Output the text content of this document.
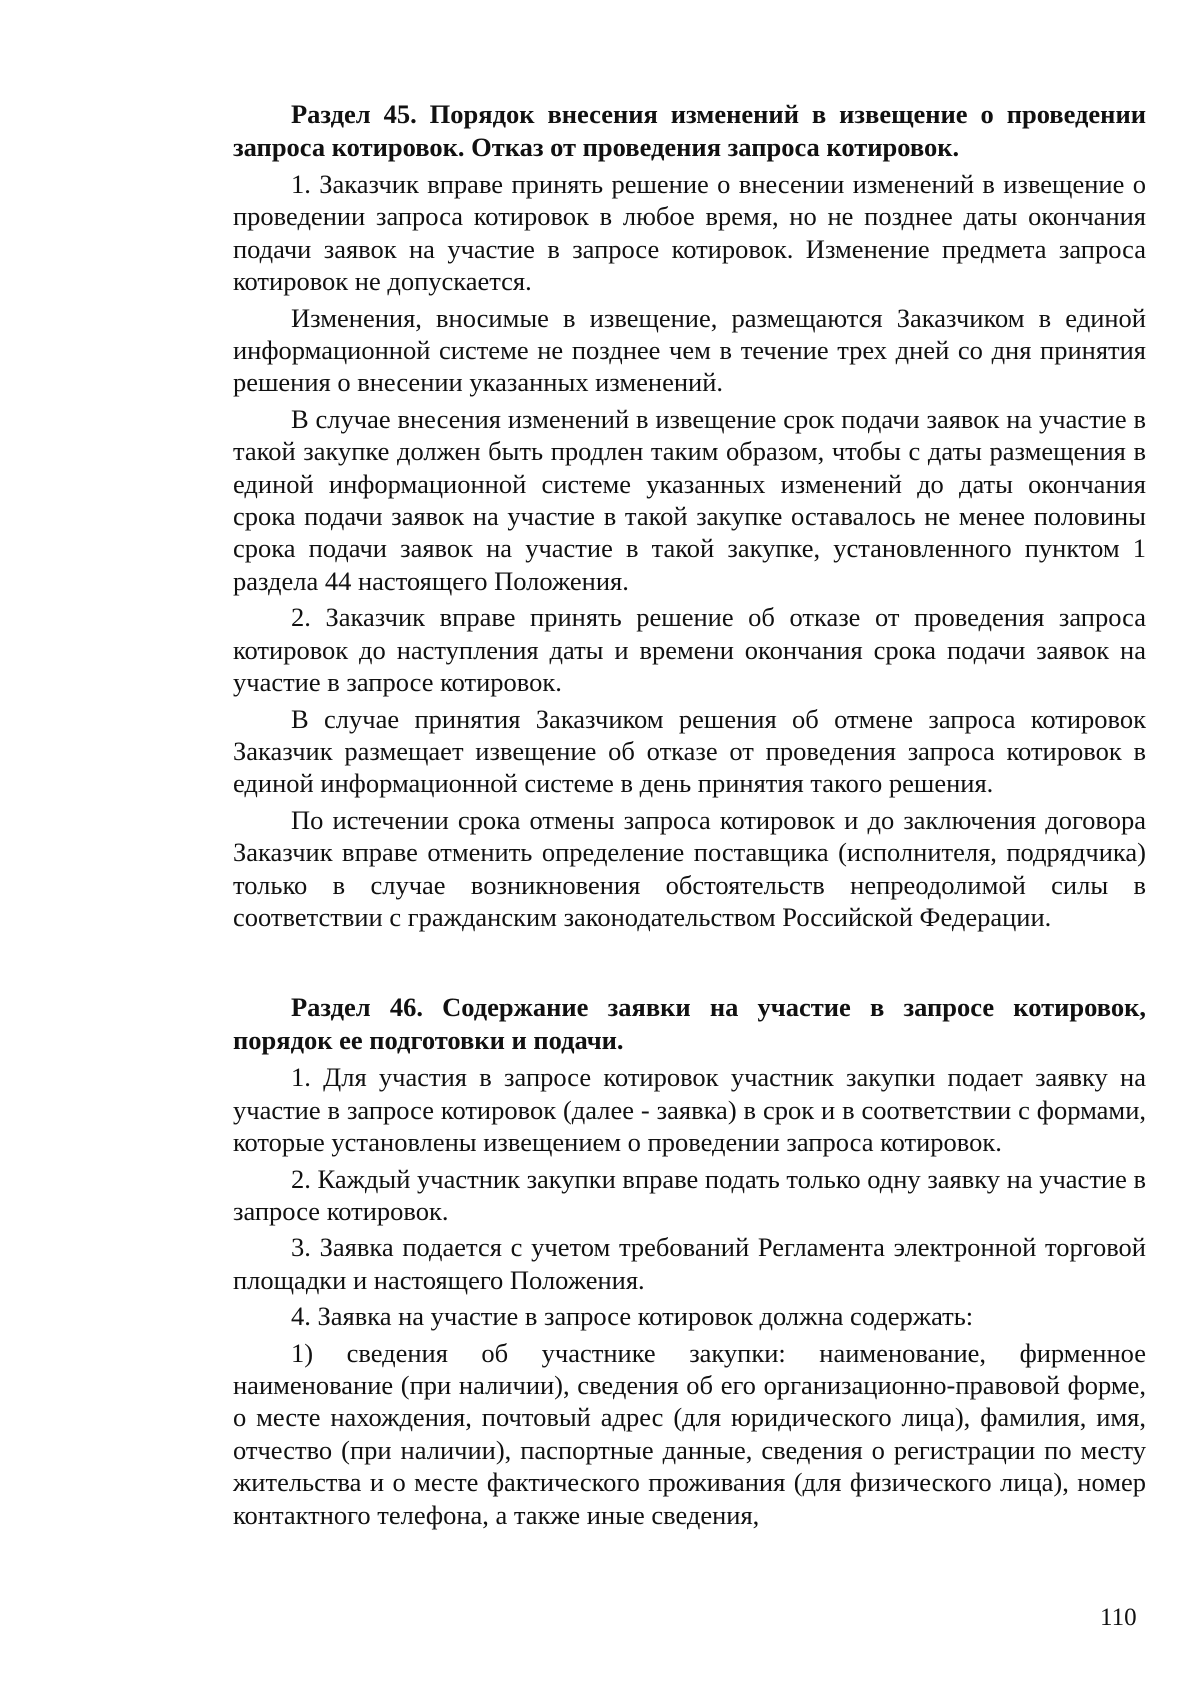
Раздел 45. Порядок внесения изменений в извещение о проведении запроса котировок. Отказ от проведения запроса котировок.
1. Заказчик вправе принять решение о внесении изменений в извещение о проведении запроса котировок в любое время, но не позднее даты окончания подачи заявок на участие в запросе котировок. Изменение предмета запроса котировок не допускается.
Изменения, вносимые в извещение, размещаются Заказчиком в единой информационной системе не позднее чем в течение трех дней со дня принятия решения о внесении указанных изменений.
В случае внесения изменений в извещение срок подачи заявок на участие в такой закупке должен быть продлен таким образом, чтобы с даты размещения в единой информационной системе указанных изменений до даты окончания срока подачи заявок на участие в такой закупке оставалось не менее половины срока подачи заявок на участие в такой закупке, установленного пунктом 1 раздела 44 настоящего Положения.
2. Заказчик вправе принять решение об отказе от проведения запроса котировок до наступления даты и времени окончания срока подачи заявок на участие в запросе котировок.
В случае принятия Заказчиком решения об отмене запроса котировок Заказчик размещает извещение об отказе от проведения запроса котировок в единой информационной системе в день принятия такого решения.
По истечении срока отмены запроса котировок и до заключения договора Заказчик вправе отменить определение поставщика (исполнителя, подрядчика) только в случае возникновения обстоятельств непреодолимой силы в соответствии с гражданским законодательством Российской Федерации.
Раздел 46. Содержание заявки на участие в запросе котировок, порядок ее подготовки и подачи.
1. Для участия в запросе котировок участник закупки подает заявку на участие в запросе котировок (далее - заявка) в срок и в соответствии с формами, которые установлены извещением о проведении запроса котировок.
2. Каждый участник закупки вправе подать только одну заявку на участие в запросе котировок.
3. Заявка подается с учетом требований Регламента электронной торговой площадки и настоящего Положения.
4. Заявка на участие в запросе котировок должна содержать:
1) сведения об участнике закупки: наименование, фирменное наименование (при наличии), сведения об его организационно-правовой форме, о месте нахождения, почтовый адрес (для юридического лица), фамилия, имя, отчество (при наличии), паспортные данные, сведения о регистрации по месту жительства и о месте фактического проживания (для физического лица), номер контактного телефона, а также иные сведения,
110
